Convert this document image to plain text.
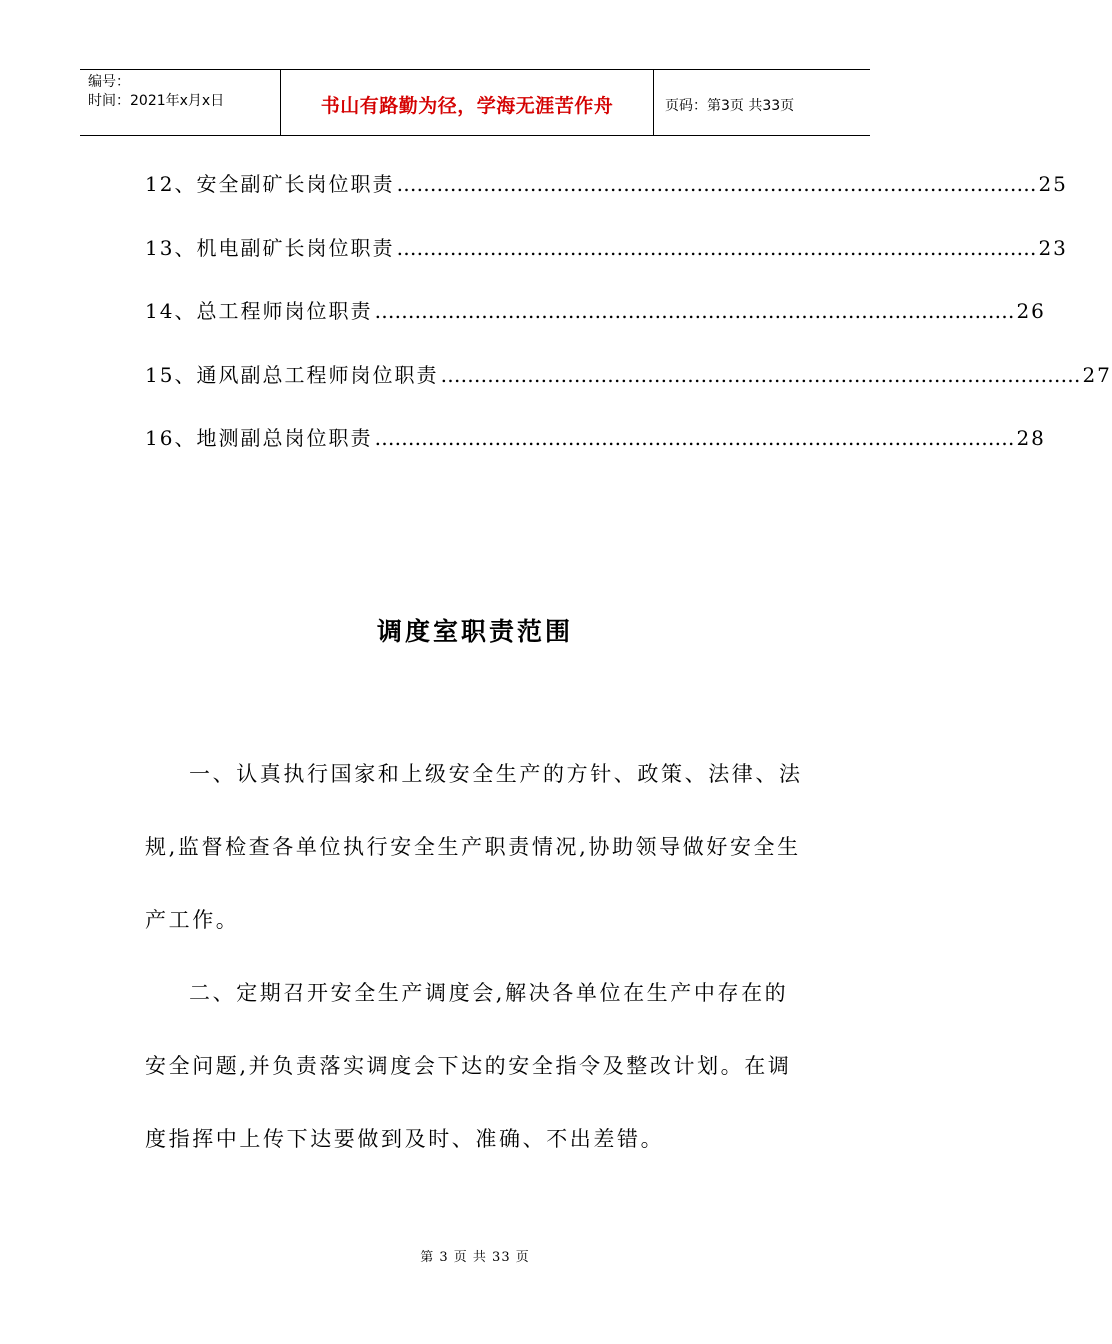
编号：
时间：2021年x月x日	书山有路勤为径，学海无涯苦作舟	页码：第3页 共33页
12、 安全副矿长岗位职责 …………………………………………………………………………………… 25
13、 机电副矿长岗位职责 …………………………………………………………………………………… 23
14、 总工程师岗位职责 …………………………………………………………………………………… 26
15、 通风副总工程师岗位职责 …………………………………………………………………………………… 27
16、 地测副总岗位职责 …………………………………………………………………………………… 28
调度室职责范围

一、认真执行国家和上级安全生产的方针、政策、法律、法规,监督检查各单位执行安全生产职责情况,协助领导做好安全生产工作。

二、定期召开安全生产调度会,解决各单位在生产中存在的安全问题,并负责落实调度会下达的安全指令及整改计划。在调度指挥中上传下达要做到及时、准确、不出差错。

第 3 页 共 33 页
